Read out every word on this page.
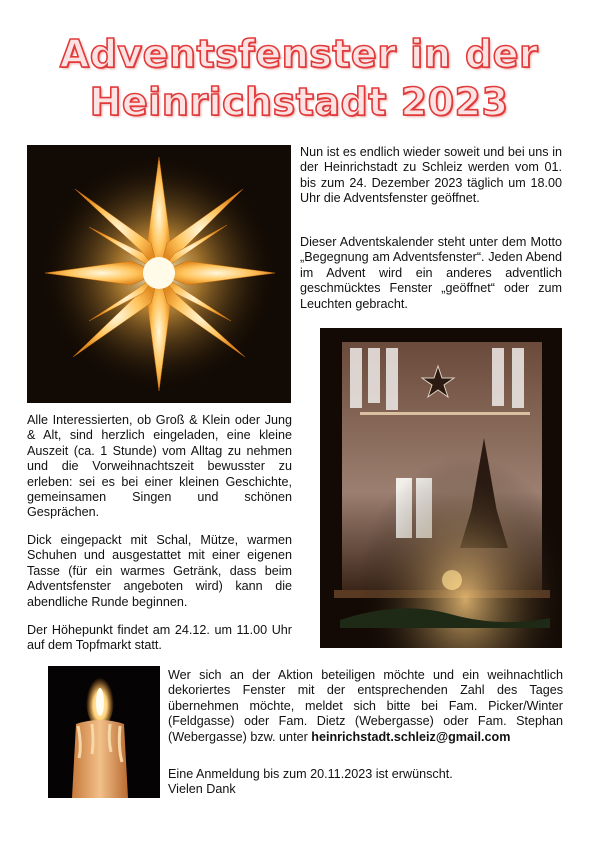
Adventsfenster in der
Heinrichstadt 2023

Nun ist es endlich wieder soweit und bei uns in der Heinrichstadt zu Schleiz werden vom 01. bis zum 24. Dezember 2023 täglich um 18.00 Uhr die Adventsfenster geöffnet.

Dieser Adventskalender steht unter dem Motto „Begegnung am Adventsfenster“. Jeden Abend im Advent wird ein anderes adventlich geschmücktes Fenster „geöffnet“ oder zum Leuchten gebracht.

Alle Interessierten, ob Groß & Klein oder Jung & Alt, sind herzlich eingeladen, eine kleine Auszeit (ca. 1 Stunde) vom Alltag zu nehmen und die Vorweihnachtszeit bewusster zu erleben: sei es bei einer kleinen Geschichte, gemeinsamen Singen und schönen Gesprächen.

Dick eingepackt mit Schal, Mütze, warmen Schuhen und ausgestattet mit einer eigenen Tasse (für ein warmes Getränk, dass beim Adventsfenster angeboten wird) kann die abendliche Runde beginnen.

Der Höhepunkt findet am 24.12. um 11.00 Uhr auf dem Topfmarkt statt.

Wer sich an der Aktion beteiligen möchte und ein weihnachtlich dekoriertes Fenster mit der entsprechenden Zahl des Tages übernehmen möchte, meldet sich bitte bei Fam. Picker/Winter (Feldgasse) oder Fam. Dietz (Webergasse) oder Fam. Stephan (Webergasse) bzw. unter heinrichstadt.schleiz@gmail.com

Eine Anmeldung bis zum 20.11.2023 ist erwünscht.

Vielen Dank
